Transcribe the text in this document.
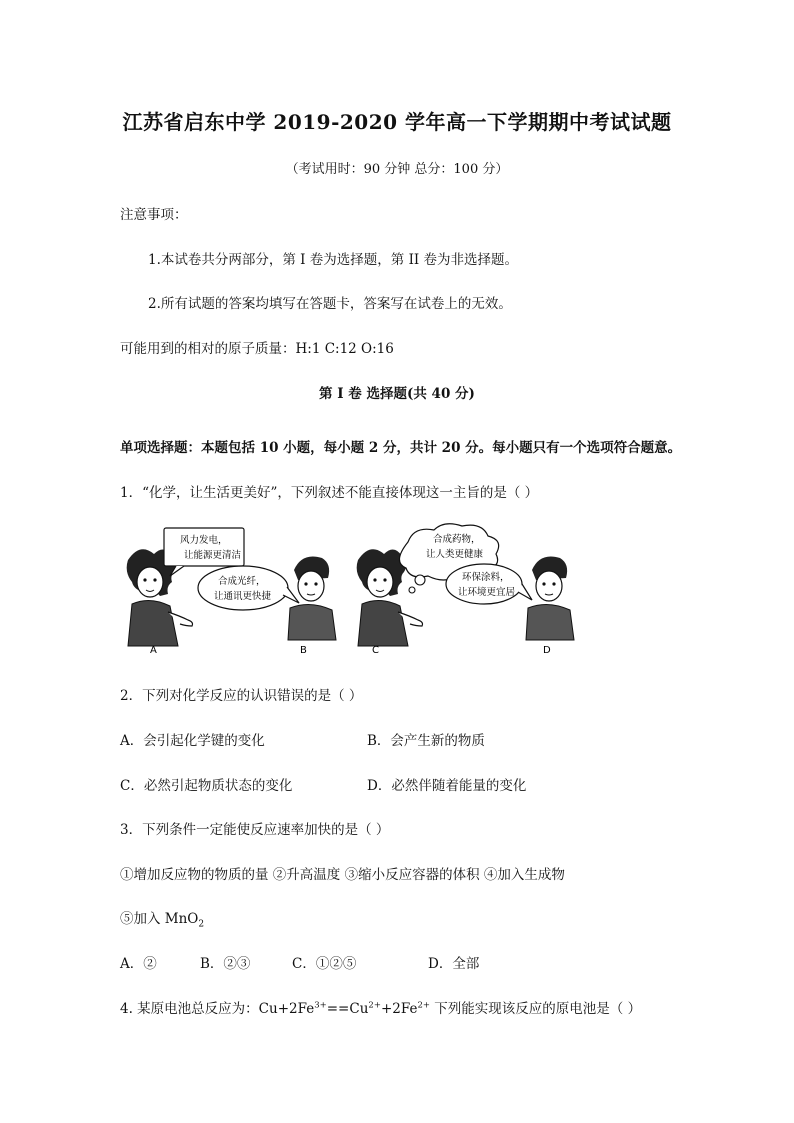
江苏省启东中学 2019-2020 学年高一下学期期中考试试题
（考试用时：90 分钟 总分：100 分）
注意事项：
1.本试卷共分两部分，第 I 卷为选择题，第 II 卷为非选择题。
2.所有试题的答案均填写在答题卡，答案写在试卷上的无效。
可能用到的相对的原子质量：H:1 C:12 O:16
第 I 卷 选择题(共 40 分)
单项选择题：本题包括 10 小题，每小题 2 分，共计 20 分。每小题只有一个选项符合题意。
1．“化学，让生活更美好”，下列叙述不能直接体现这一主旨的是（ ）
风力发电，
让能源更清洁
合成光纤，
让通讯更快捷
A	B
合成药物，
让人类更健康
环保涂料，
让环境更宜居
C	D
2．下列对化学反应的认识错误的是（ ）
A．会引起化学键的变化	B．会产生新的物质
C．必然引起物质状态的变化	D．必然伴随着能量的变化
3．下列条件一定能使反应速率加快的是（ ）
①增加反应物的物质的量 ②升高温度 ③缩小反应容器的体积 ④加入生成物
⑤加入 MnO$_2$
A．②	B．②③	C．①②⑤	D．全部
4. 某原电池总反应为：$Cu+2Fe^{3+}==Cu^{2+}+2Fe^{2+}$ 下列能实现该反应的原电池是（ ）
